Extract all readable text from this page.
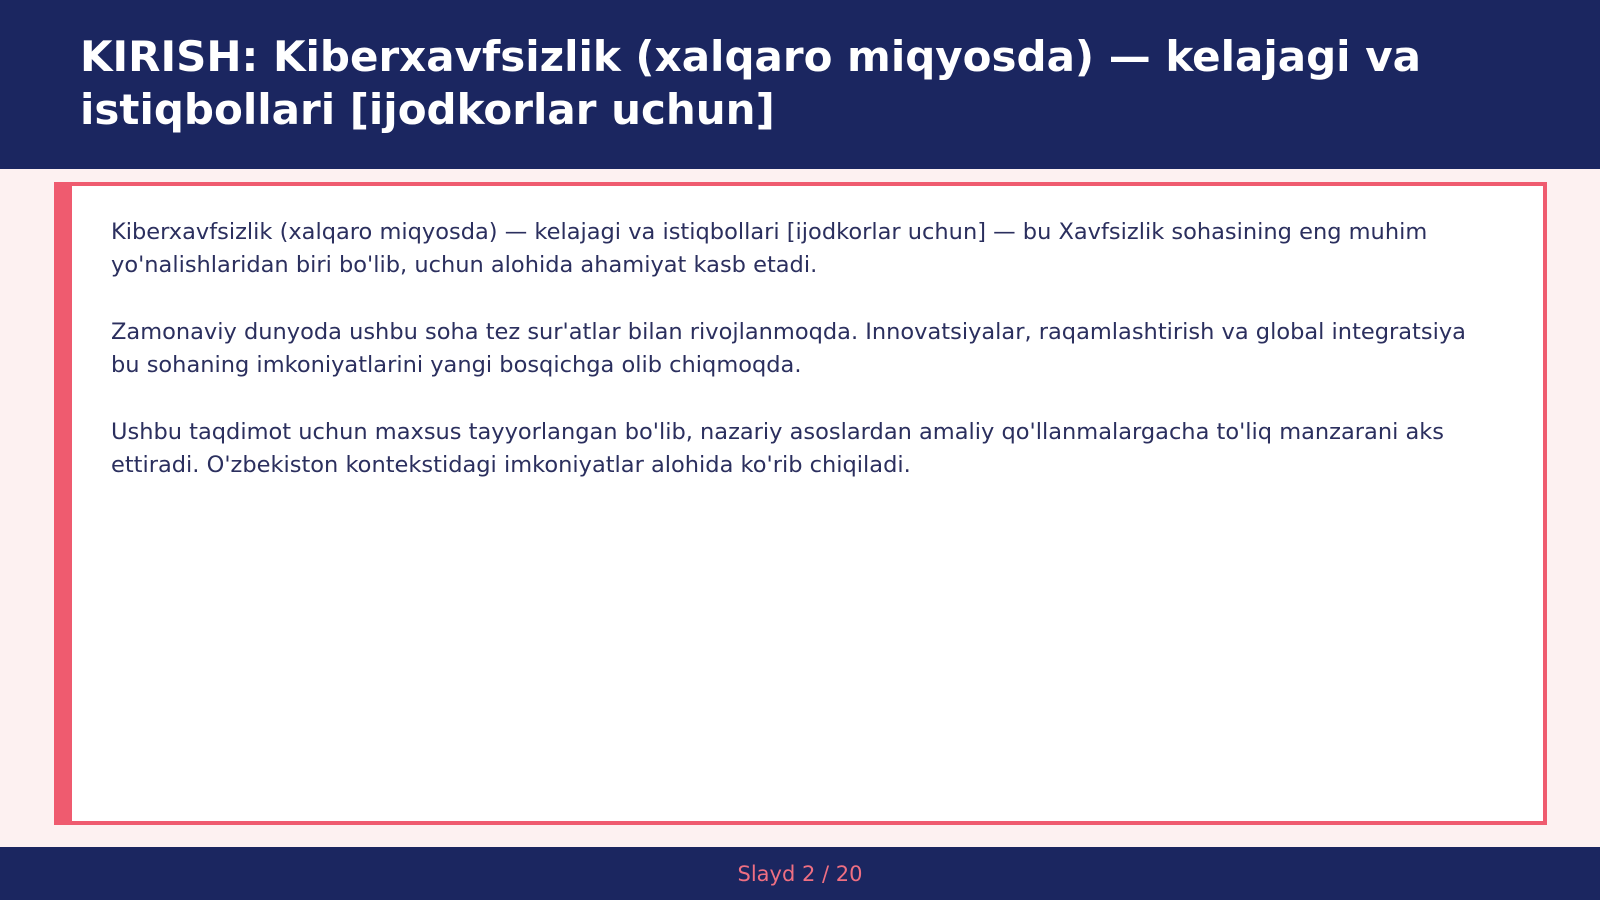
KIRISH: Kiberxavfsizlik (xalqaro miqyosda) — kelajagi va istiqbollari [ijodkorlar uchun]

Kiberxavfsizlik (xalqaro miqyosda) — kelajagi va istiqbollari [ijodkorlar uchun] — bu Xavfsizlik sohasining eng muhim yo'nalishlaridan biri bo'lib, uchun alohida ahamiyat kasb etadi.

Zamonaviy dunyoda ushbu soha tez sur'atlar bilan rivojlanmoqda. Innovatsiyalar, raqamlashtirish va global integratsiya bu sohaning imkoniyatlarini yangi bosqichga olib chiqmoqda.

Ushbu taqdimot uchun maxsus tayyorlangan bo'lib, nazariy asoslardan amaliy qo'llanmalargacha to'liq manzarani aks ettiradi. O'zbekiston kontekstidagi imkoniyatlar alohida ko'rib chiqiladi.

Slayd 2 / 20
